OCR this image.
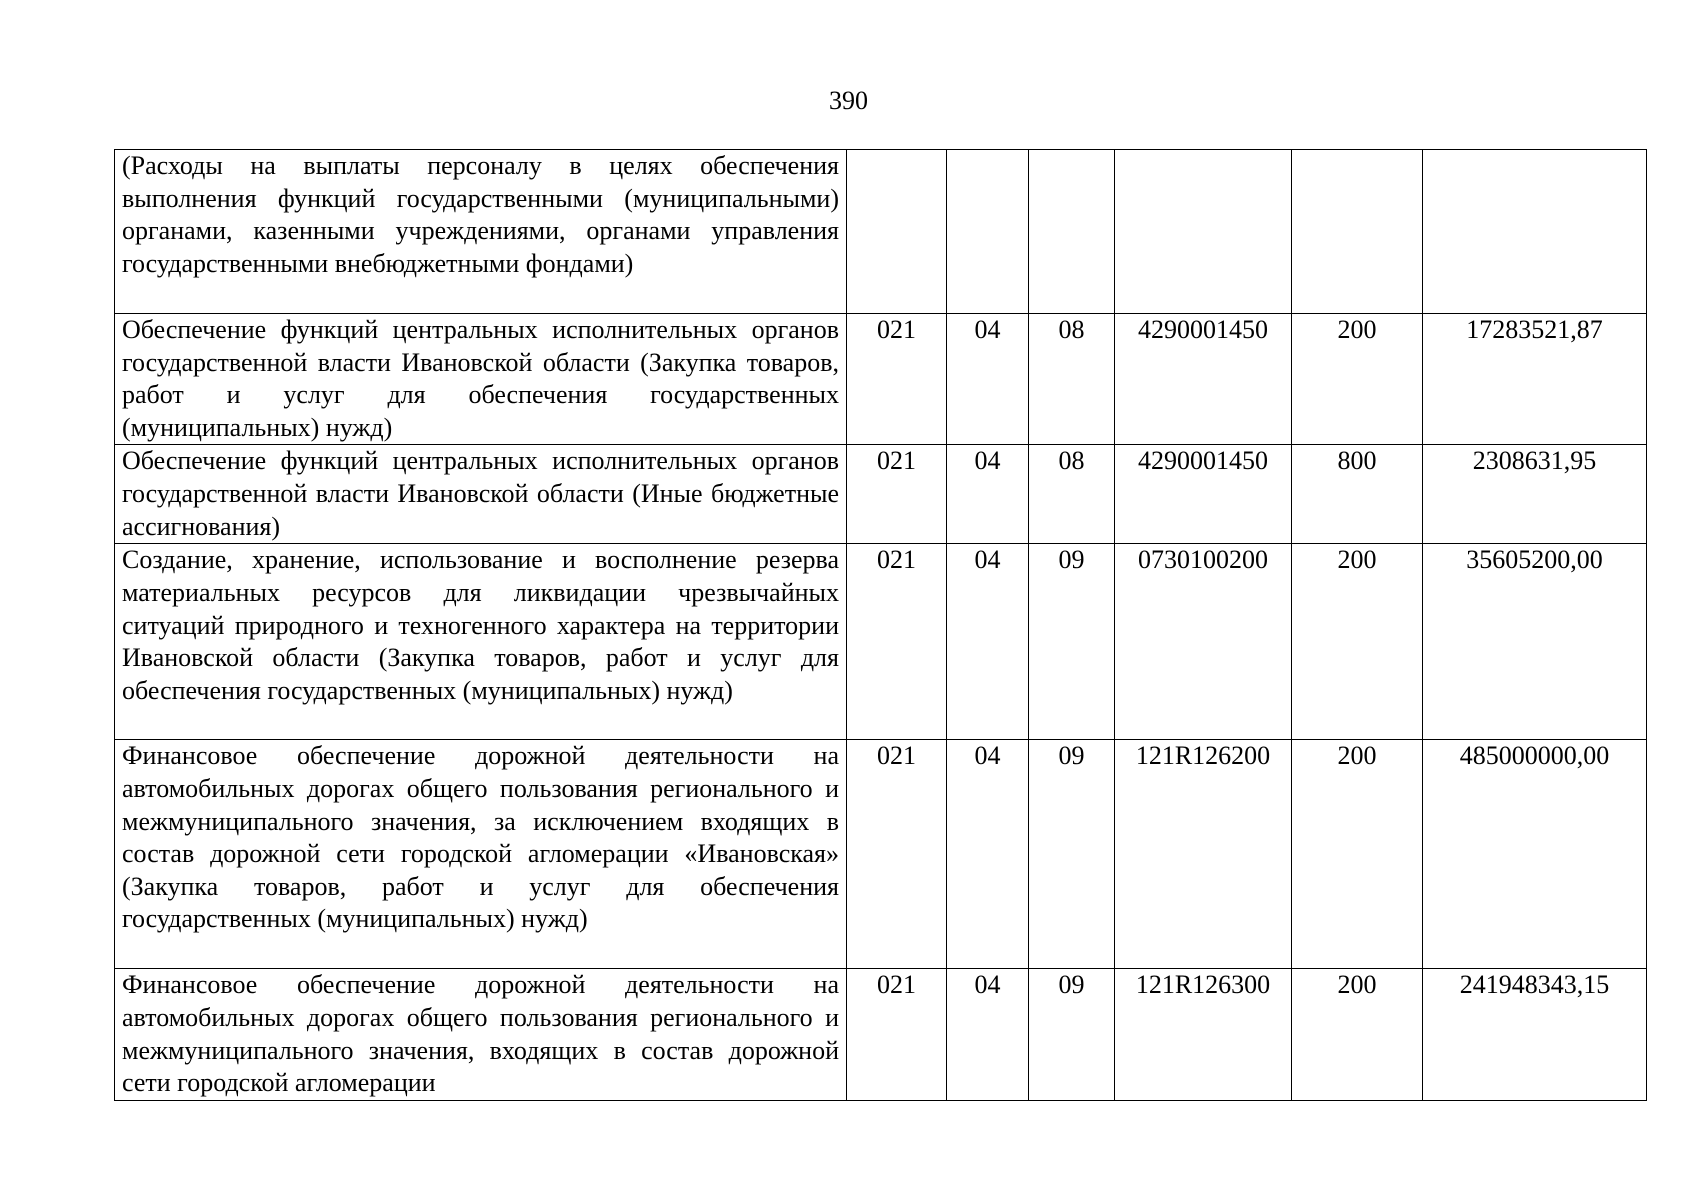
390
(Расходы на выплаты персоналу в целях обеспечения выполнения функций государственными (муниципальными) органами, казенными учреждениями, органами управления государственными внебюджетными фондами)						
Обеспечение функций центральных исполнительных органов государственной власти Ивановской области (Закупка товаров, работ и услуг для обеспечения государственных (муниципальных) нужд)	021	04	08	4290001450	200	17283521,87
Обеспечение функций центральных исполнительных органов государственной власти Ивановской области (Иные бюджетные ассигнования)	021	04	08	4290001450	800	2308631,95
Создание, хранение, использование и восполнение резерва материальных ресурсов для ликвидации чрезвычайных ситуаций природного и техногенного характера на территории Ивановской области (Закупка товаров, работ и услуг для обеспечения государственных (муниципальных) нужд)	021	04	09	0730100200	200	35605200,00
Финансовое обеспечение дорожной деятельности на автомобильных дорогах общего пользования регионального и межмуниципального значения, за исключением входящих в состав дорожной сети городской агломерации «Ивановская» (Закупка товаров, работ и услуг для обеспечения государственных (муниципальных) нужд)	021	04	09	121R126200	200	485000000,00
Финансовое обеспечение дорожной деятельности на автомобильных дорогах общего пользования регионального и межмуниципального значения, входящих в состав дорожной сети городской агломерации	021	04	09	121R126300	200	241948343,15
